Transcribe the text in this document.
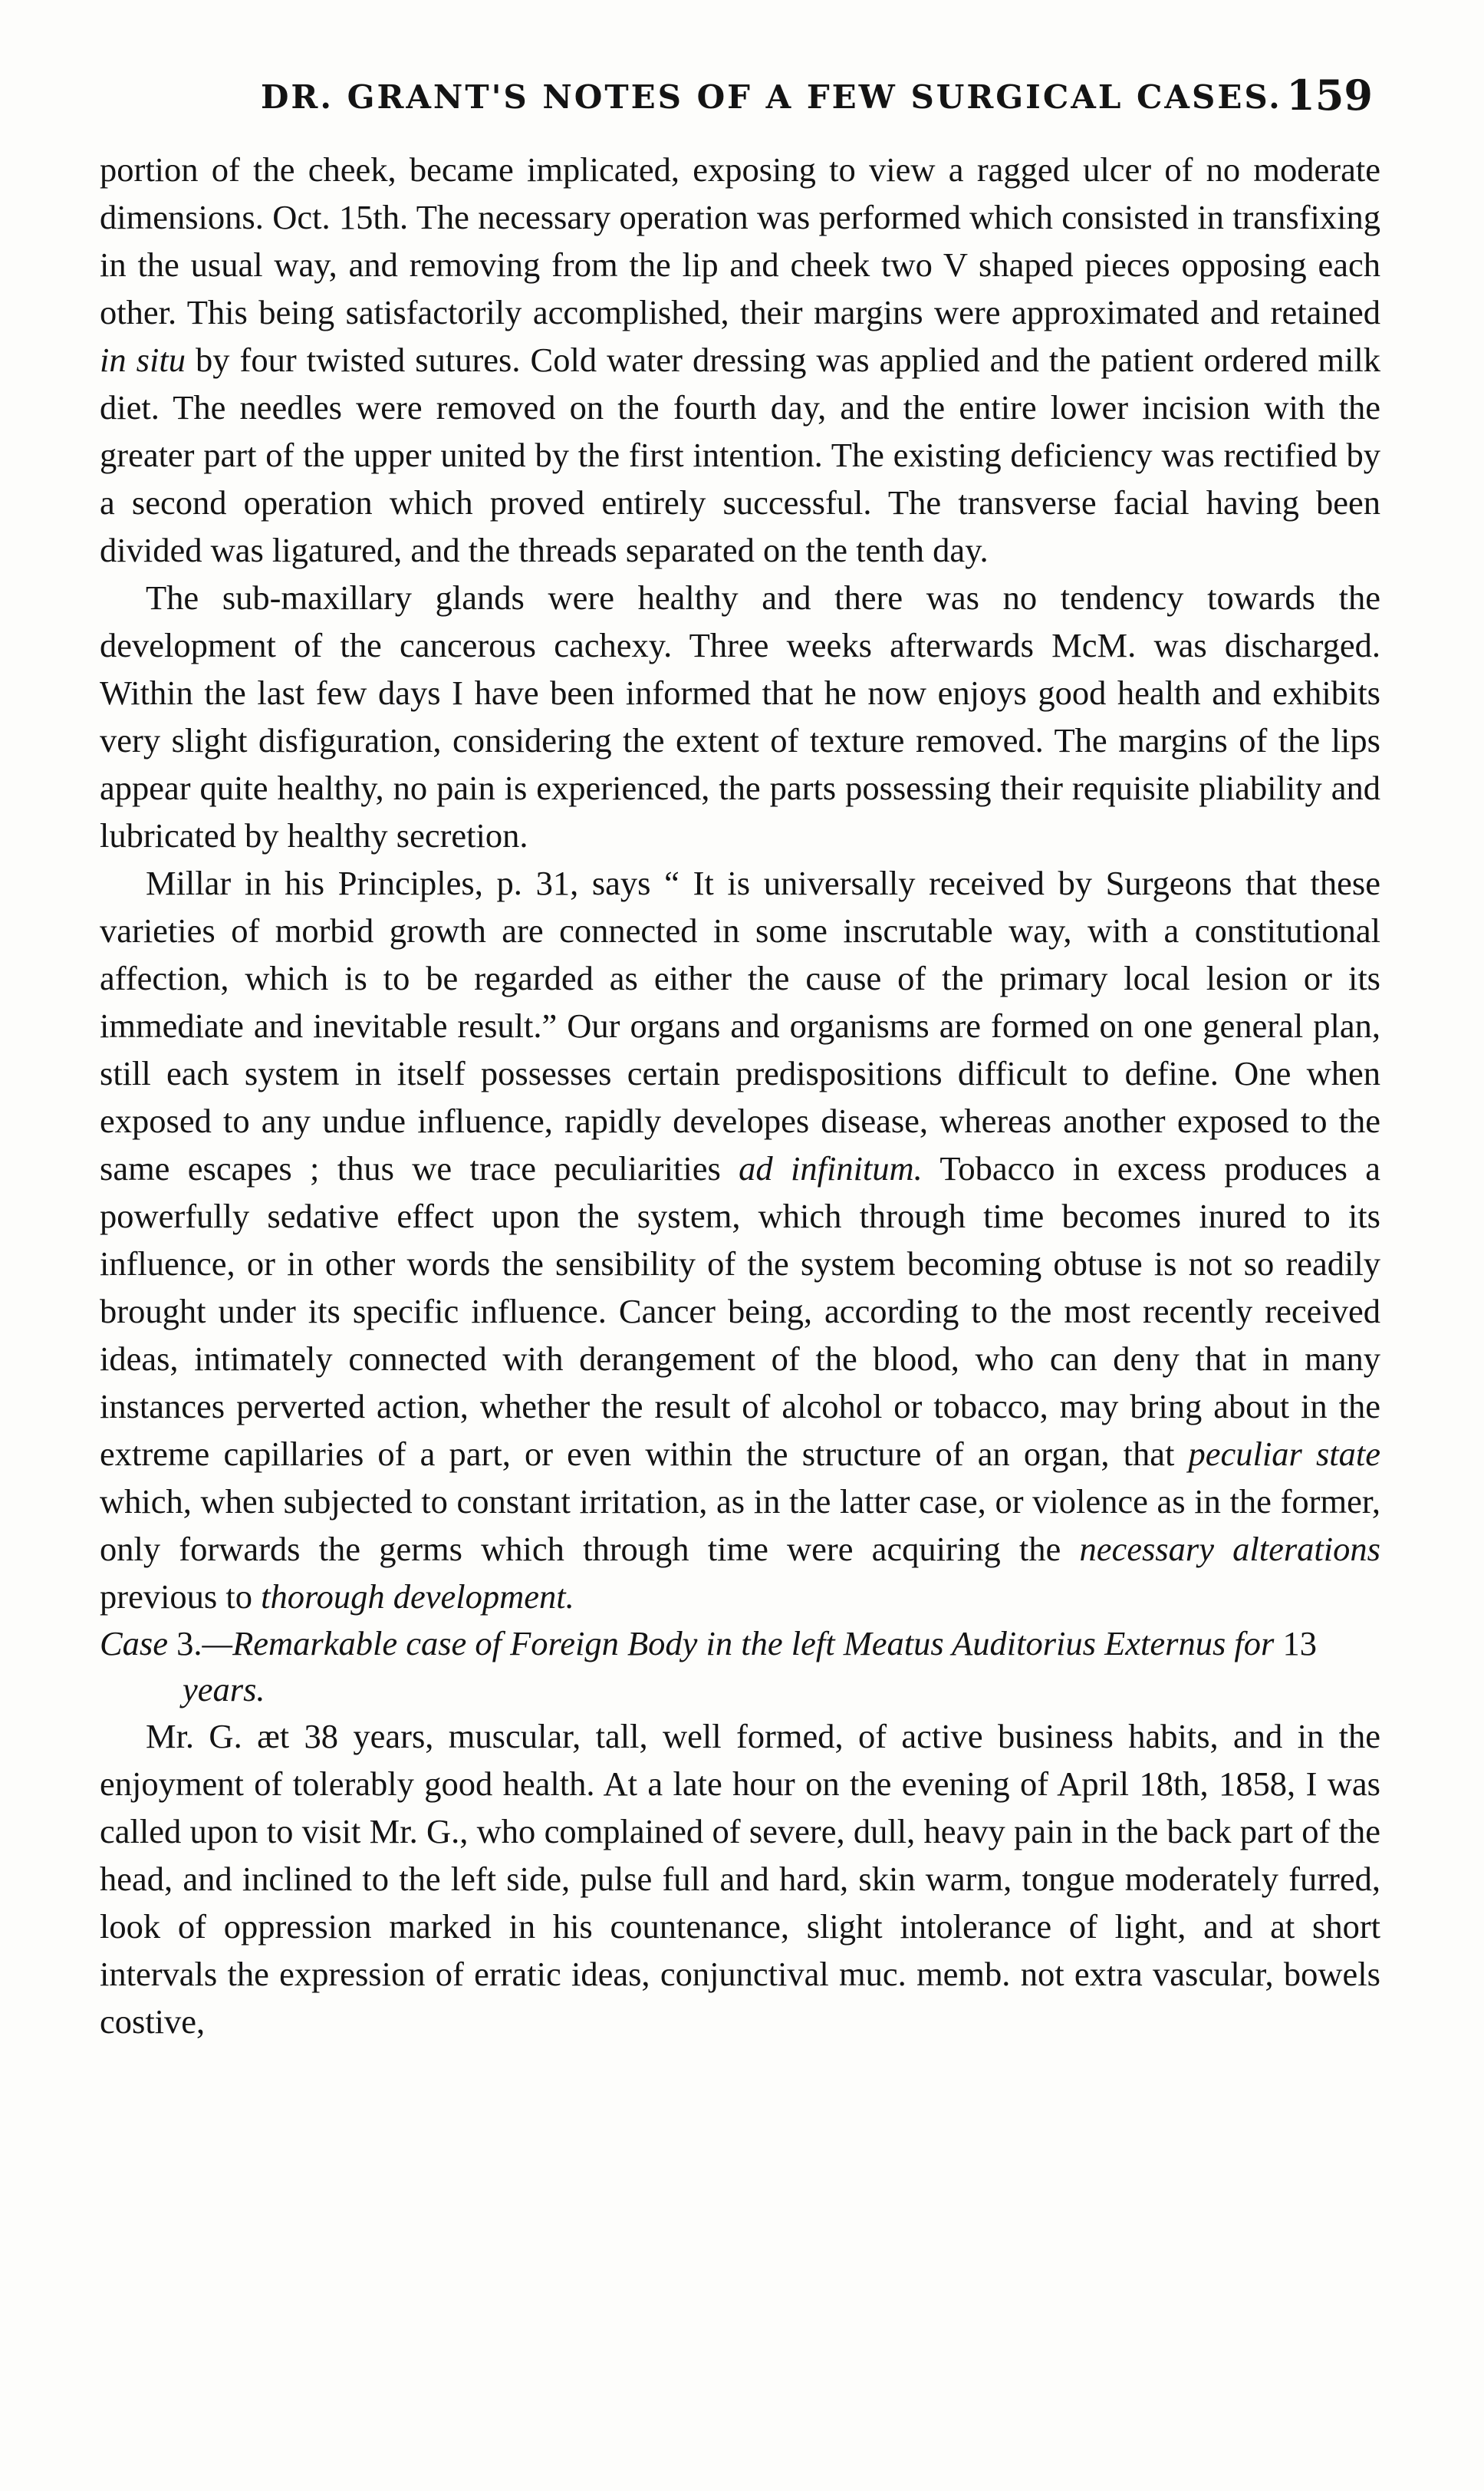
DR. GRANT'S NOTES OF A FEW SURGICAL CASES. 159

portion of the cheek, became implicated, exposing to view a ragged ulcer of no moderate dimensions. Oct. 15th. The necessary operation was performed which consisted in transfixing in the usual way, and removing from the lip and cheek two V shaped pieces opposing each other. This being satisfactorily accomplished, their margins were approximated and retained in situ by four twisted sutures. Cold water dressing was applied and the patient ordered milk diet. The needles were removed on the fourth day, and the entire lower incision with the greater part of the upper united by the first intention. The existing deficiency was rectified by a second operation which proved entirely successful. The transverse facial having been divided was ligatured, and the threads separated on the tenth day.

The sub-maxillary glands were healthy and there was no tendency towards the development of the cancerous cachexy. Three weeks afterwards McM. was discharged. Within the last few days I have been informed that he now enjoys good health and exhibits very slight disfiguration, considering the extent of texture removed. The margins of the lips appear quite healthy, no pain is experienced, the parts possessing their requisite pliability and lubricated by healthy secretion.

Millar in his Principles, p. 31, says “ It is universally received by Surgeons that these varieties of morbid growth are connected in some inscrutable way, with a constitutional affection, which is to be regarded as either the cause of the primary local lesion or its immediate and inevitable result.” Our organs and organisms are formed on one general plan, still each system in itself possesses certain predispositions difficult to define. One when exposed to any undue influence, rapidly developes disease, whereas another exposed to the same escapes ; thus we trace peculiarities ad infinitum. Tobacco in excess produces a powerfully sedative effect upon the system, which through time becomes inured to its influence, or in other words the sensibility of the system becoming obtuse is not so readily brought under its specific influence. Cancer being, according to the most recently received ideas, intimately connected with derangement of the blood, who can deny that in many instances perverted action, whether the result of alcohol or tobacco, may bring about in the extreme capillaries of a part, or even within the structure of an organ, that peculiar state which, when subjected to constant irritation, as in the latter case, or violence as in the former, only forwards the germs which through time were acquiring the necessary alterations previous to thorough development.

Case 3.—Remarkable case of Foreign Body in the left Meatus Auditorius Externus for 13 years.

Mr. G. æt 38 years, muscular, tall, well formed, of active business habits, and in the enjoyment of tolerably good health. At a late hour on the evening of April 18th, 1858, I was called upon to visit Mr. G., who complained of severe, dull, heavy pain in the back part of the head, and inclined to the left side, pulse full and hard, skin warm, tongue moderately furred, look of oppression marked in his countenance, slight intolerance of light, and at short intervals the expression of erratic ideas, conjunctival muc. memb. not extra vascular, bowels costive,
